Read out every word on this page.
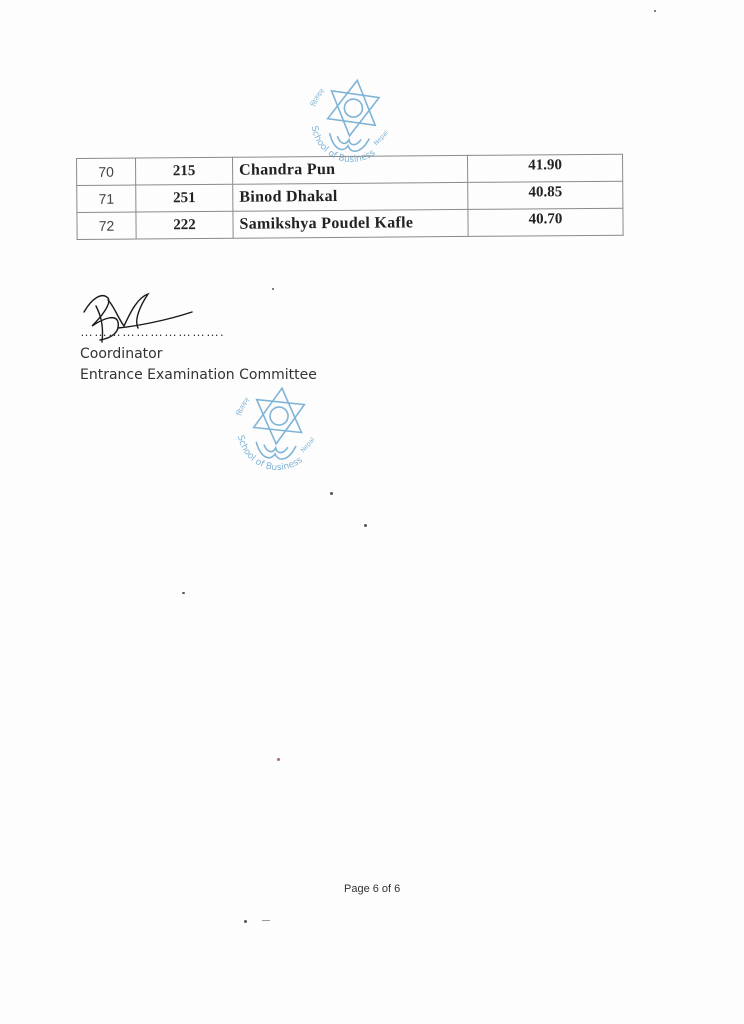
School of Business
चितवन
Nepal
70	215	Chandra Pun	41.90
71	251	Binod Dhakal	40.85
72	222	Samikshya Poudel Kafle	40.70
………………………….
Coordinator
Entrance Examination Committee
School of Business
चितवन
Nepal
Page 6 of 6
